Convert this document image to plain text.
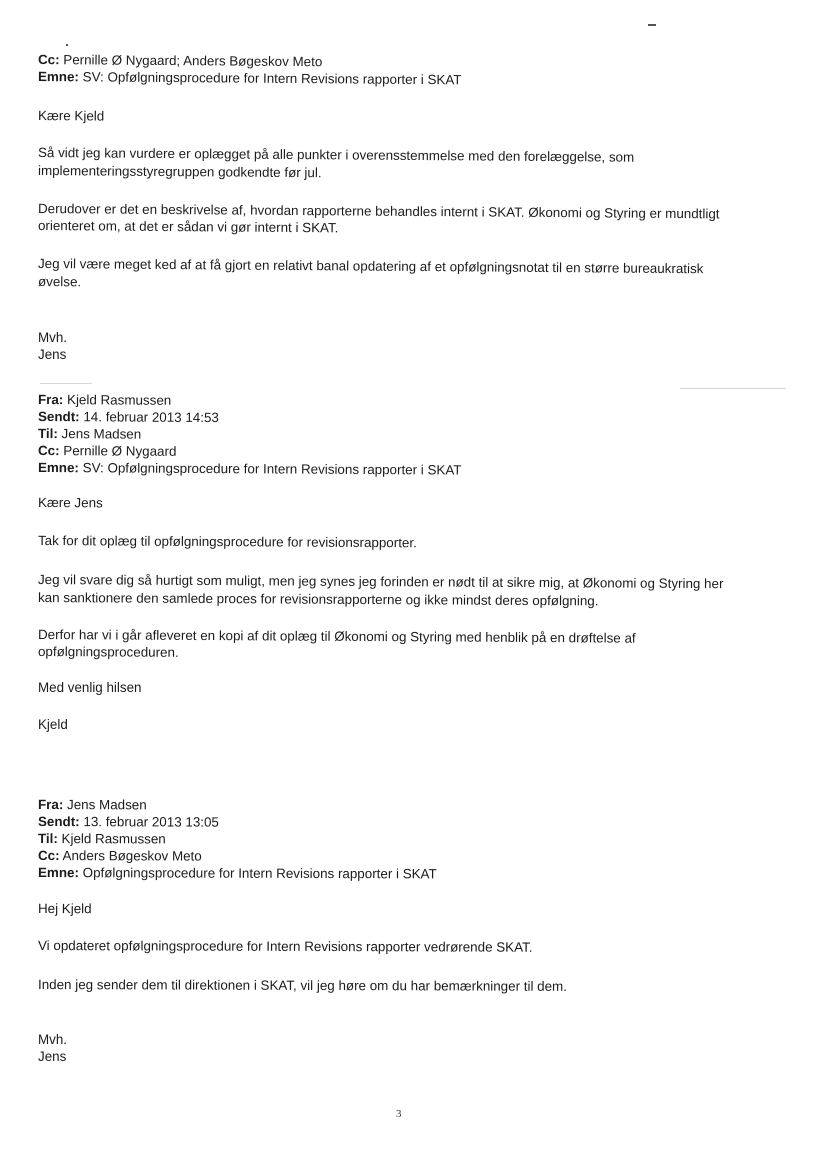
Cc: Pernille Ø Nygaard; Anders Bøgeskov Meto
Emne: SV: Opfølgningsprocedure for Intern Revisions rapporter i SKAT
Kære Kjeld
Så vidt jeg kan vurdere er oplægget på alle punkter i overensstemmelse med den forelæggelse, som
implementeringsstyregruppen godkendte før jul.
Derudover er det en beskrivelse af, hvordan rapporterne behandles internt i SKAT. Økonomi og Styring er mundtligt
orienteret om, at det er sådan vi gør internt i SKAT.
Jeg vil være meget ked af at få gjort en relativt banal opdatering af et opfølgningsnotat til en større bureaukratisk
øvelse.
Mvh.
Jens
Fra: Kjeld Rasmussen
Sendt: 14. februar 2013 14:53
Til: Jens Madsen
Cc: Pernille Ø Nygaard
Emne: SV: Opfølgningsprocedure for Intern Revisions rapporter i SKAT
Kære Jens
Tak for dit oplæg til opfølgningsprocedure for revisionsrapporter.
Jeg vil svare dig så hurtigt som muligt, men jeg synes jeg forinden er nødt til at sikre mig, at Økonomi og Styring her
kan sanktionere den samlede proces for revisionsrapporterne og ikke mindst deres opfølgning.
Derfor har vi i går afleveret en kopi af dit oplæg til Økonomi og Styring med henblik på en drøftelse af
opfølgningsproceduren.
Med venlig hilsen
Kjeld
Fra: Jens Madsen
Sendt: 13. februar 2013 13:05
Til: Kjeld Rasmussen
Cc: Anders Bøgeskov Meto
Emne: Opfølgningsprocedure for Intern Revisions rapporter i SKAT
Hej Kjeld
Vi opdateret opfølgningsprocedure for Intern Revisions rapporter vedrørende SKAT.
Inden jeg sender dem til direktionen i SKAT, vil jeg høre om du har bemærkninger til dem.
Mvh.
Jens
3
